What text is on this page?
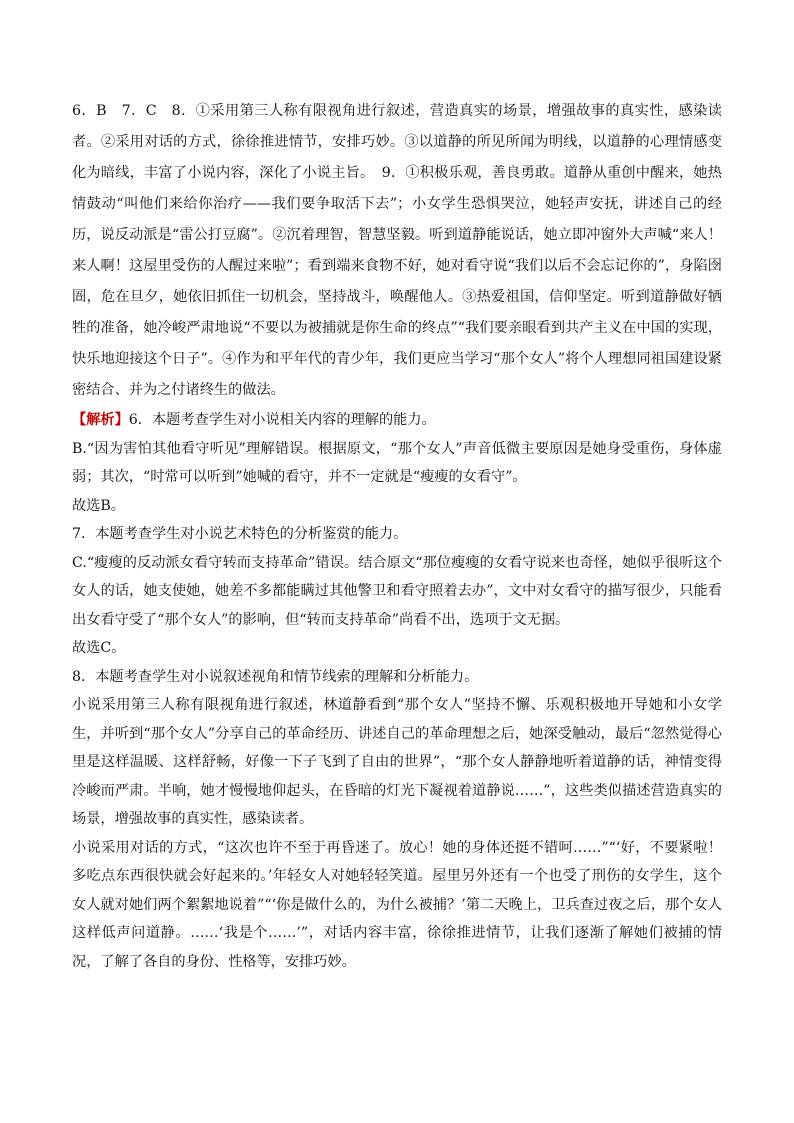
6．B　7．C　8．①采用第三人称有限视角进行叙述，营造真实的场景，增强故事的真实性，感染读者。②采用对话的方式，徐徐推进情节，安排巧妙。③以道静的所见所闻为明线，以道静的心理情感变化为暗线，丰富了小说内容，深化了小说主旨。　9．①积极乐观，善良勇敢。道静从重创中醒来，她热情鼓动“叫他们来给你治疗——我们要争取活下去”；小女学生恐惧哭泣，她轻声安抚，讲述自己的经历，说反动派是“雷公打豆腐”。②沉着理智，智慧坚毅。听到道静能说话，她立即冲窗外大声喊“来人！来人啊！这屋里受伤的人醒过来啦”；看到端来食物不好，她对看守说“我们以后不会忘记你的”，身陷囹圄，危在旦夕，她依旧抓住一切机会，坚持战斗，唤醒他人。③热爱祖国，信仰坚定。听到道静做好牺牲的准备，她冷峻严肃地说“不要以为被捕就是你生命的终点”“我们要亲眼看到共产主义在中国的实现，快乐地迎接这个日子”。④作为和平年代的青少年，我们更应当学习“那个女人”将个人理想同祖国建设紧密结合、并为之付诸终生的做法。

【解析】6．本题考查学生对小说相关内容的理解的能力。

B.“因为害怕其他看守听见”理解错误。根据原文，“那个女人”声音低微主要原因是她身受重伤，身体虚弱；其次，“时常可以听到”她喊的看守，并不一定就是“瘦瘦的女看守”。

故选B。

7．本题考查学生对小说艺术特色的分析鉴赏的能力。

C.“瘦瘦的反动派女看守转而支持革命”错误。结合原文“那位瘦瘦的女看守说来也奇怪，她似乎很听这个女人的话，她支使她，她差不多都能瞒过其他警卫和看守照着去办”，文中对女看守的描写很少，只能看出女看守受了“那个女人”的影响，但“转而支持革命”尚看不出，选项于文无据。

故选C。

8．本题考查学生对小说叙述视角和情节线索的理解和分析能力。

小说采用第三人称有限视角进行叙述，林道静看到“那个女人”坚持不懈、乐观积极地开导她和小女学生，并听到“那个女人”分享自己的革命经历、讲述自己的革命理想之后，她深受触动，最后“忽然觉得心里是这样温暖、这样舒畅，好像一下子飞到了自由的世界”，“那个女人静静地听着道静的话，神情变得冷峻而严肃。半响，她才慢慢地仰起头，在昏暗的灯光下凝视着道静说……”，这些类似描述营造真实的场景，增强故事的真实性，感染读者。

小说采用对话的方式，“这次也许不至于再昏迷了。放心！她的身体还挺不错呵……”“‘好，不要紧啦！多吃点东西很快就会好起来的。’年轻女人对她轻轻笑道。屋里另外还有一个也受了刑伤的女学生，这个女人就对她们两个絮絮地说着”“‘你是做什么的，为什么被捕？’第二天晚上，卫兵查过夜之后，那个女人这样低声问道静。……‘我是个……’”，对话内容丰富，徐徐推进情节，让我们逐渐了解她们被捕的情况，了解了各自的身份、性格等，安排巧妙。
